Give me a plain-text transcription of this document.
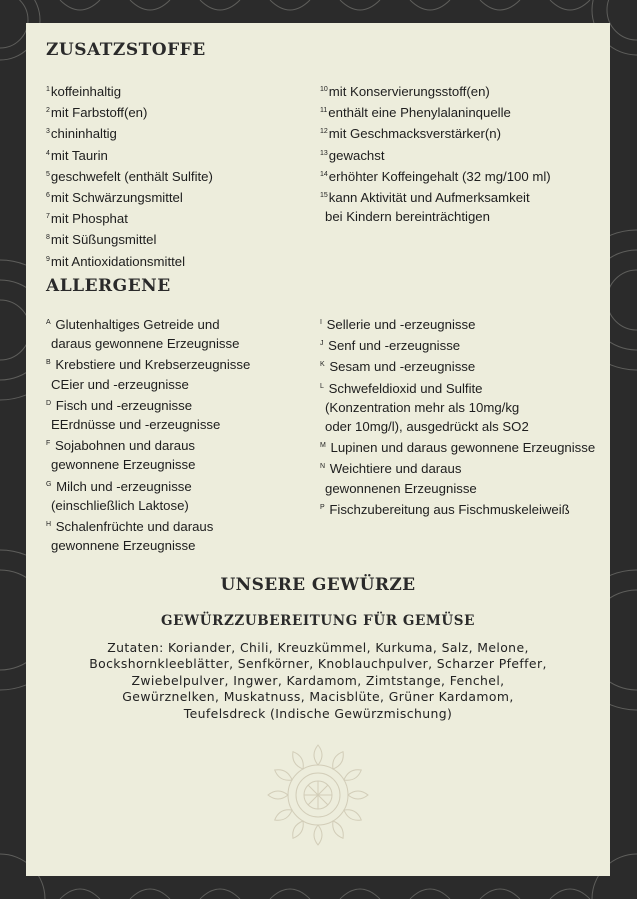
ZUSATZSTOFFE
$^1$koffeinhaltig
$^2$mit Farbstoff(en)
$^3$chininhaltig
$^4$mit Taurin
$^5$geschwefelt (enthält Sulfite)
$^6$mit Schwärzungsmittel
$^7$mit Phosphat
$^8$mit Süßungsmittel
$^9$mit Antioxidationsmittel
$^{10}$mit Konservierungsstoff(en)
$^{11}$enthält eine Phenylalaninquelle
$^{12}$mit Geschmacksverstärker(n)
$^{13}$gewachst
$^{14}$erhöhter Koffeingehalt (32 mg/100 ml)
$^{15}$kann Aktivität und Aufmerksamkeit
bei Kindern bereinträchtigen
ALLERGENE
$^A$ Glutenhaltiges Getreide und
daraus gewonnene Erzeugnisse
$^B$ Krebstiere und Krebserzeugnisse
CEier und -erzeugnisse
$^D$ Fisch und -erzeugnisse
EErdnüsse und -erzeugnisse
$^F$ Sojabohnen und daraus
gewonnene Erzeugnisse
$^G$ Milch und -erzeugnisse
(einschließlich Laktose)
$^H$ Schalenfrüchte und daraus
gewonnene Erzeugnisse
$^I$ Sellerie und -erzeugnisse
$^J$ Senf und -erzeugnisse
$^K$ Sesam und -erzeugnisse
$^L$ Schwefeldioxid und Sulfite
(Konzentration mehr als 10mg/kg
oder 10mg/l), ausgedrückt als SO2
$^M$ Lupinen und daraus gewonnene Erzeugnisse
$^N$ Weichtiere und daraus
gewonnenen Erzeugnisse
$^P$ Fischzubereitung aus Fischmuskeleiweiß
UNSERE GEWÜRZE
GEWÜRZZUBEREITUNG FÜR GEMÜSE
Zutaten: Koriander, Chili, Kreuzkümmel, Kurkuma, Salz, Melone,
Bockshornkleeblätter, Senfkörner, Knoblauchpulver, Scharzer Pfeffer,
Zwiebelpulver, Ingwer, Kardamom, Zimtstange, Fenchel,
Gewürznelken, Muskatnuss, Macisblüte, Grüner Kardamom,
Teufelsdreck (Indische Gewürzmischung)
